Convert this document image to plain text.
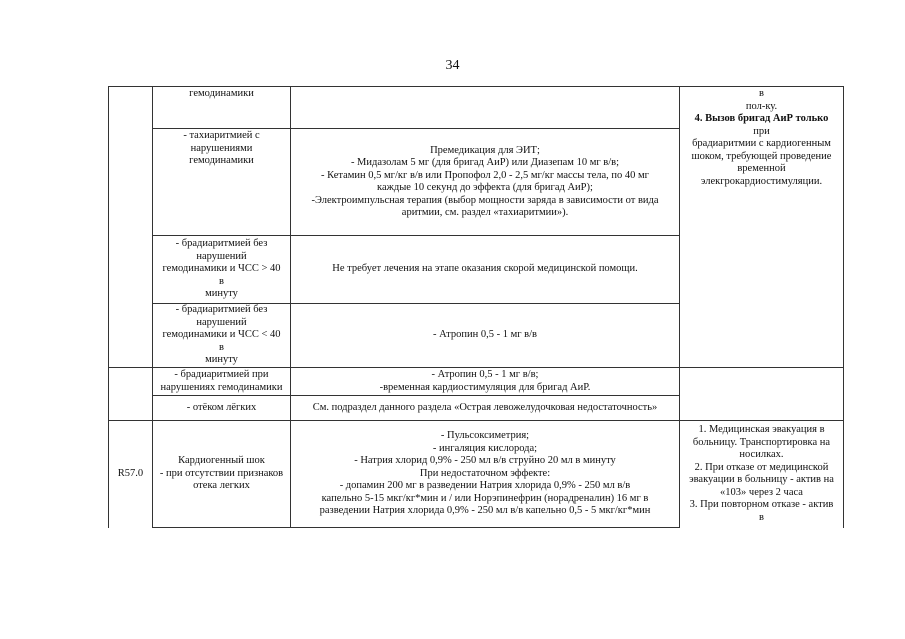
34
гемодинамики
- тахиаритмией с
нарушениями
гемодинамики
Премедикация для ЭИТ;
- Мидазолам 5 мг (для бригад АиР) или Диазепам 10 мг в/в;
- Кетамин 0,5 мг/кг в/в или Пропофол 2,0 - 2,5 мг/кг массы тела, по 40 мг
каждые 10 секунд до эффекта (для бригад АиР);
-Электроимпульсная терапия (выбор мощности заряда в зависимости от вида
аритмии, см. раздел «тахиаритмии»).
- брадиаритмией без
нарушений
гемодинамики и ЧСС > 40
в
минуту
Не требует лечения на этапе оказания скорой медицинской помощи.
- брадиаритмией без
нарушений
гемодинамики и ЧСС < 40
в
минуту
- Атропин 0,5 - 1 мг в/в
в
пол-ку.
4. Вызов бригад АиР только
при
брадиаритмии с кардиогенным
шоком, требующей проведение
временной
элекгрокардиостимуляции.
- брадиаритмией при
нарушениях гемодинамики
- Атропин 0,5 - 1 мг в/в;
-временная кардиостимуляция для бригад АиР.
- отёком лёгких	См. подраздел данного раздела «Острая левожелудочковая недостаточность»
R57.0
Кардиогенный шок
- при отсутствии признаков
отека легких
- Пульсоксиметрия;
- ингаляция кислорода;
- Натрия хлорид 0,9% - 250 мл в/в струйно 20 мл в минуту
При недостаточном эффекте:
- допамин 200 мг в разведении Натрия хлорида 0,9% - 250 мл в/в
капельно 5-15 мкг/кг*мин и / или Норэпинефрин (норадреналин) 16 мг в
разведении Натрия хлорида 0,9% - 250 мл в/в капельно 0,5 - 5 мкг/кг*мин
1. Медицинская эвакуация в
больницу. Транспортировка на
носилках.
2. При отказе от медицинской
эвакуации в больницу - актив на
«103» через 2 часа
3. При повторном отказе - актив
в
